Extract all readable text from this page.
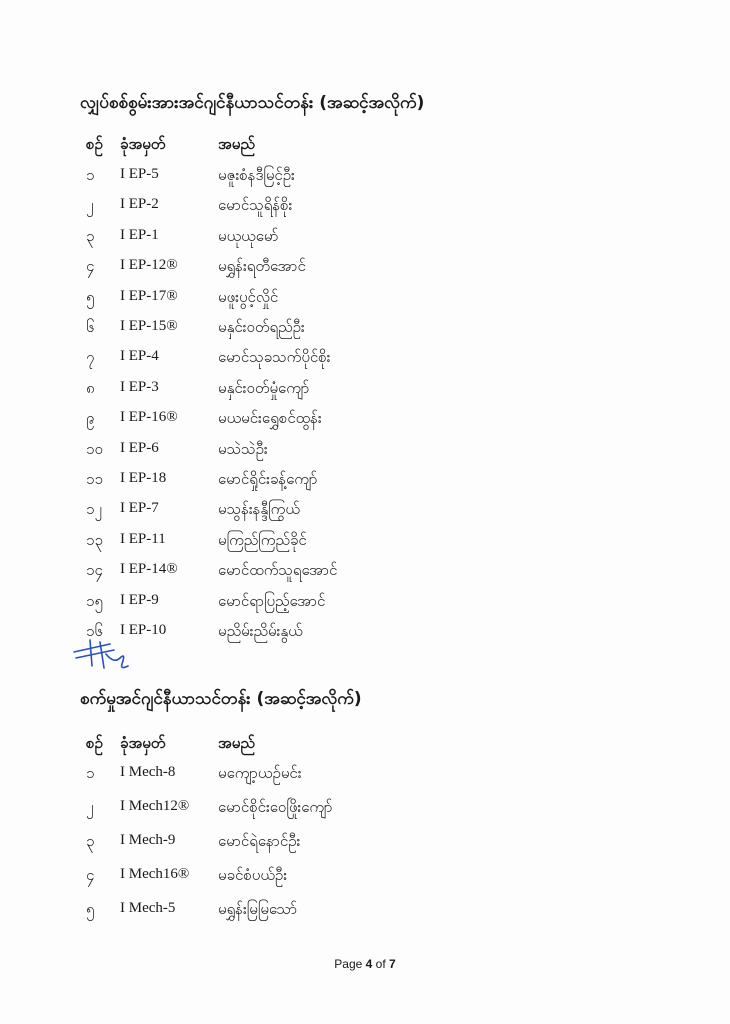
လျှပ်စစ်စွမ်းအားအင်ဂျင်နီယာသင်တန်း (အဆင့်အလိုက်)
စဥ် ခုံအမှတ်	အမည်
၁ I EP-5	မဇူးစံနဒီမြင့်ဦး
၂ I EP-2	မောင်သူရိန်စိုး
၃ I EP-1	မယုယုမော်
၄ I EP-12®	မရွှန်းရတီအောင်
၅ I EP-17®	မဖူးပွင့်လှိုင်
၆ I EP-15®	မနှင်းဝတ်ရည်ဦး
၇ I EP-4	မောင်သုခသက်ပိုင်စိုး
၈ I EP-3	မနှင်းဝတ်မှုံကျော်
၉ I EP-16®	မယမင်းရွှေစင်ထွန်း
၁၀ I EP-6	မသဲသဲဦး
၁၁ I EP-18	မောင်ရှိုင်းခန့်ကျော်
၁၂ I EP-7	မသွန်းနန္ဒီကြွယ်
၁၃ I EP-11	မကြည်ကြည်ခိုင်
၁၄ I EP-14®	မောင်ထက်သူရအောင်
၁၅ I EP-9	မောင်ရာပြည့်အောင်
၁၆ I EP-10	မညိမ်းညိမ်းနွယ်
စက်မှုအင်ဂျင်နီယာသင်တန်း (အဆင့်အလိုက်)
စဥ် ခုံအမှတ်	အမည်
၁ I Mech-8	မကျော့ယဥ်မင်း
၂ I Mech12® မောင်စိုင်းဝေဖြိုးကျော်
၃ I Mech-9	မောင်ရဲနောင်ဦး
၄ I Mech16® မခင်စံပယ်ဦး
၅ I Mech-5	မရွှန်းမြမြသော်
Page 4 of 7
